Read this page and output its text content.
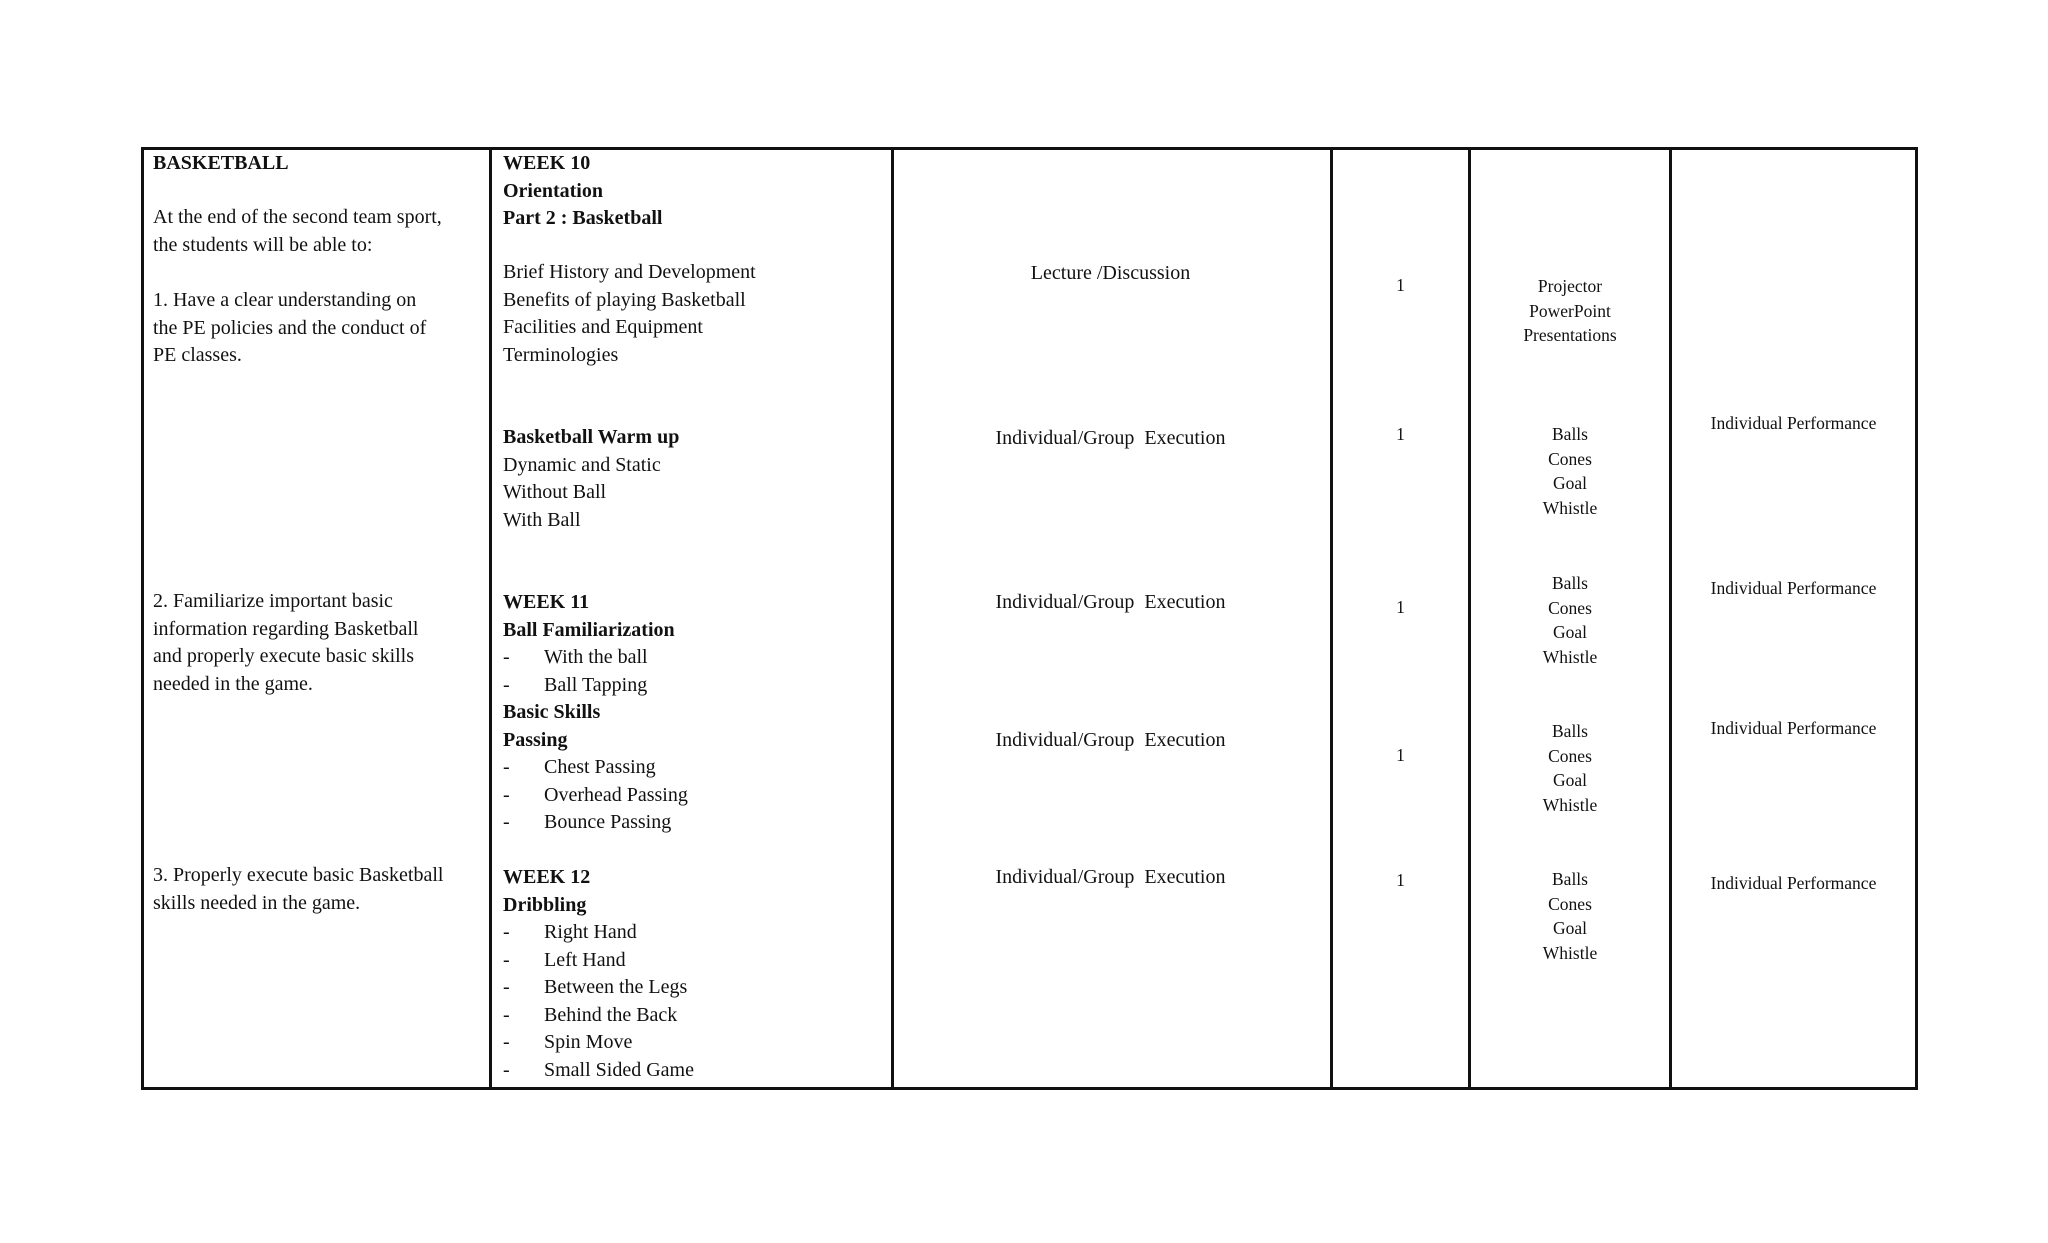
BASKETBALL
At the end of the second team sport,
the students will be able to:
1. Have a clear understanding on
the PE policies and the conduct of
PE classes.
2. Familiarize important basic
information regarding Basketball
and properly execute basic skills
needed in the game.
3. Properly execute basic Basketball
skills needed in the game.
WEEK 10
Orientation
Part 2 : Basketball
Brief History and Development
Benefits of playing Basketball
Facilities and Equipment
Terminologies
Basketball Warm up
Dynamic and Static
Without Ball
With Ball
WEEK 11
Ball Familiarization
- With the ball
- Ball Tapping
Basic Skills
Passing
- Chest Passing
- Overhead Passing
- Bounce Passing
WEEK 12
Dribbling
- Right Hand
- Left Hand
- Between the Legs
- Behind the Back
- Spin Move
- Small Sided Game
Lecture /Discussion
Individual/Group  Execution
Individual/Group  Execution
Individual/Group  Execution
Individual/Group  Execution
1
1
1
1
1
Projector
PowerPoint
Presentations
Balls
Cones
Goal
Whistle
Balls
Cones
Goal
Whistle
Balls
Cones
Goal
Whistle
Balls
Cones
Goal
Whistle
Individual Performance
Individual Performance
Individual Performance
Individual Performance
